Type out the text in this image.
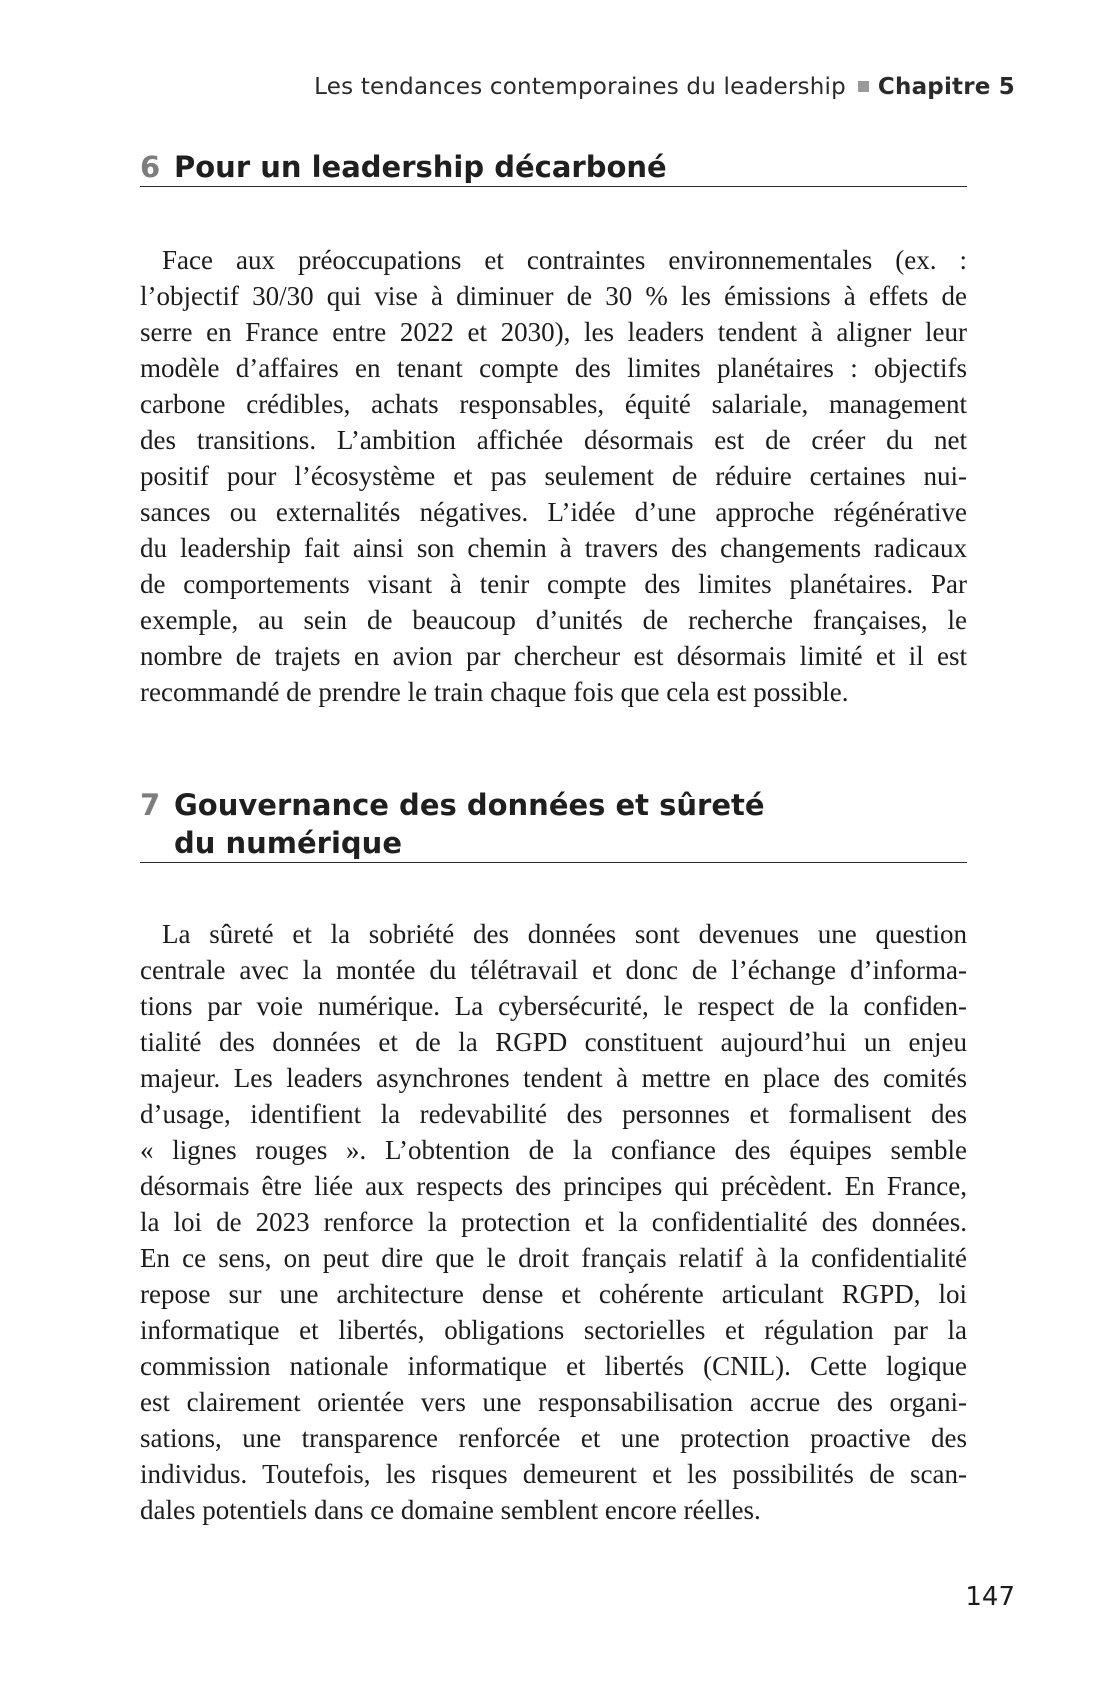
Les tendances contemporaines du leadership Chapitre 5
6 Pour un leadership décarboné
Face aux préoccupations et contraintes environnementales (ex. :
l’objectif 30/30 qui vise à diminuer de 30 % les émissions à effets de
serre en France entre 2022 et 2030), les leaders tendent à aligner leur
modèle d’affaires en tenant compte des limites planétaires : objectifs
carbone crédibles, achats responsables, équité salariale, management
des transitions. L’ambition affichée désormais est de créer du net
positif pour l’écosystème et pas seulement de réduire certaines nui-
sances ou externalités négatives. L’idée d’une approche régénérative
du leadership fait ainsi son chemin à travers des changements radicaux
de comportements visant à tenir compte des limites planétaires. Par
exemple, au sein de beaucoup d’unités de recherche françaises, le
nombre de trajets en avion par chercheur est désormais limité et il est
recommandé de prendre le train chaque fois que cela est possible.
7 Gouvernance des données et sûreté
du numérique
La sûreté et la sobriété des données sont devenues une question
centrale avec la montée du télétravail et donc de l’échange d’informa-
tions par voie numérique. La cybersécurité, le respect de la confiden-
tialité des données et de la RGPD constituent aujourd’hui un enjeu
majeur. Les leaders asynchrones tendent à mettre en place des comités
d’usage, identifient la redevabilité des personnes et formalisent des
« lignes rouges ». L’obtention de la confiance des équipes semble
désormais être liée aux respects des principes qui précèdent. En France,
la loi de 2023 renforce la protection et la confidentialité des données.
En ce sens, on peut dire que le droit français relatif à la confidentialité
repose sur une architecture dense et cohérente articulant RGPD, loi
informatique et libertés, obligations sectorielles et régulation par la
commission nationale informatique et libertés (CNIL). Cette logique
est clairement orientée vers une responsabilisation accrue des organi-
sations, une transparence renforcée et une protection proactive des
individus. Toutefois, les risques demeurent et les possibilités de scan-
dales potentiels dans ce domaine semblent encore réelles.
147
